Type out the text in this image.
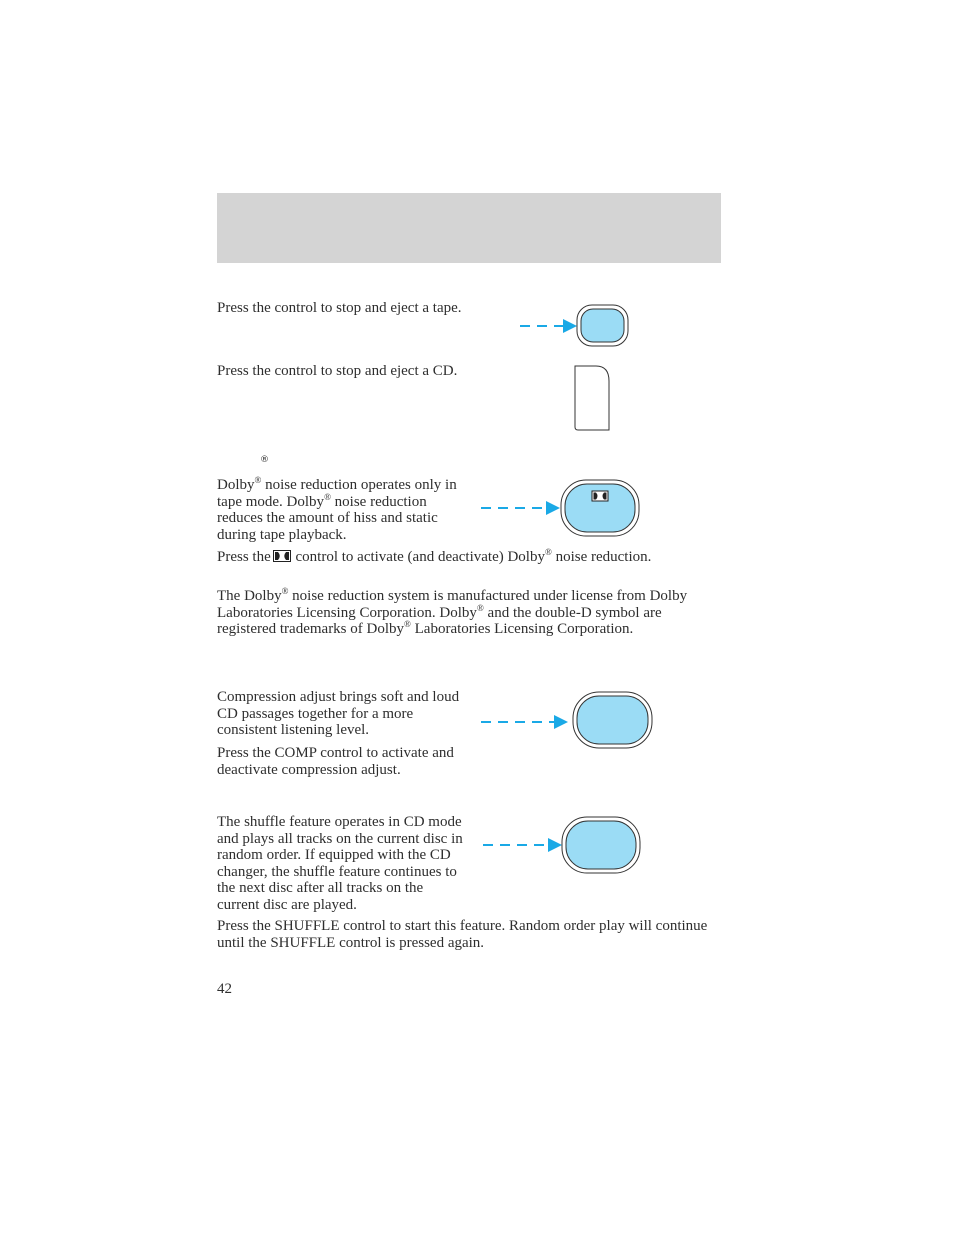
Press the control to stop and eject a tape.

Press the control to stop and eject a CD.

®

Dolby® noise reduction operates only in tape mode. Dolby® noise reduction reduces the amount of hiss and static during tape playback.

Press the control to activate (and deactivate) Dolby® noise reduction.

The Dolby® noise reduction system is manufactured under license from Dolby Laboratories Licensing Corporation. Dolby® and the double-D symbol are registered trademarks of Dolby® Laboratories Licensing Corporation.

Compression adjust brings soft and loud CD passages together for a more consistent listening level.

Press the COMP control to activate and deactivate compression adjust.

The shuffle feature operates in CD mode and plays all tracks on the current disc in random order. If equipped with the CD changer, the shuffle feature continues to the next disc after all tracks on the current disc are played.

Press the SHUFFLE control to start this feature. Random order play will continue until the SHUFFLE control is pressed again.

42
